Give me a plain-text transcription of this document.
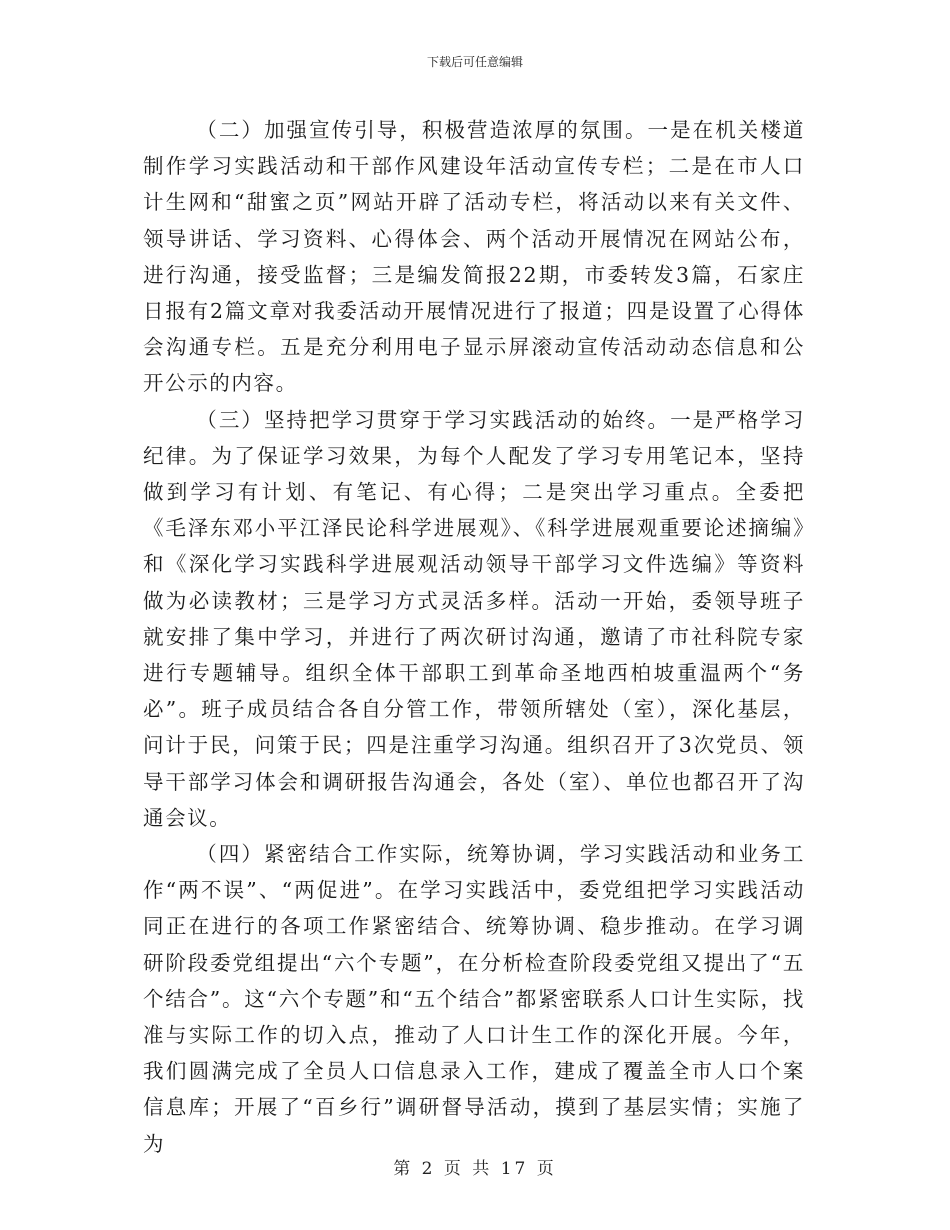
下载后可任意编辑

（二）加强宣传引导，积极营造浓厚的氛围。一是在机关楼道制作学习实践活动和干部作风建设年活动宣传专栏；二是在市人口计生网和“甜蜜之页”网站开辟了活动专栏，将活动以来有关文件、领导讲话、学习资料、心得体会、两个活动开展情况在网站公布，进行沟通，接受监督；三是编发简报22期，市委转发3篇，石家庄日报有2篇文章对我委活动开展情况进行了报道；四是设置了心得体会沟通专栏。五是充分利用电子显示屏滚动宣传活动动态信息和公开公示的内容。

（三）坚持把学习贯穿于学习实践活动的始终。一是严格学习纪律。为了保证学习效果，为每个人配发了学习专用笔记本，坚持做到学习有计划、有笔记、有心得；二是突出学习重点。全委把《毛泽东邓小平江泽民论科学进展观》、《科学进展观重要论述摘编》和《深化学习实践科学进展观活动领导干部学习文件选编》等资料做为必读教材；三是学习方式灵活多样。活动一开始，委领导班子就安排了集中学习，并进行了两次研讨沟通，邀请了市社科院专家进行专题辅导。组织全体干部职工到革命圣地西柏坡重温两个“务必”。班子成员结合各自分管工作，带领所辖处（室），深化基层，问计于民，问策于民；四是注重学习沟通。组织召开了3次党员、领导干部学习体会和调研报告沟通会，各处（室）、单位也都召开了沟通会议。

（四）紧密结合工作实际，统筹协调，学习实践活动和业务工作“两不误”、“两促进”。在学习实践活中，委党组把学习实践活动同正在进行的各项工作紧密结合、统筹协调、稳步推动。在学习调研阶段委党组提出“六个专题”，在分析检查阶段委党组又提出了“五个结合”。这“六个专题”和“五个结合”都紧密联系人口计生实际，找准与实际工作的切入点，推动了人口计生工作的深化开展。今年，我们圆满完成了全员人口信息录入工作，建成了覆盖全市人口个案信息库；开展了“百乡行”调研督导活动，摸到了基层实情；实施了为

第 2 页 共 17 页
